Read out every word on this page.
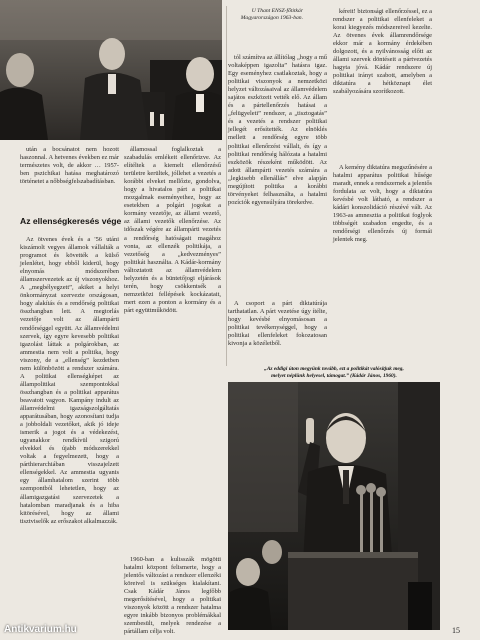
U Thant ENSZ-főtitkár
Magyarországon 1963-ban.

után a bocsánatot nem hozott haszonnal. A hetvenes években ez már természetes volt, de akkor … 1957-ben pszichikai hatása meghatározó történetet a nőbbségfelszabadításban.

Az ellenségkeresés vége

Az ötvenes évek és a '56 utáni kiszámolt vegyes államok vállalták a programot és követték a külső jelenlétet, hogy ebből kiderül, hogy elnyomás módszerében államszervezetek az új viszonyokhoz. A „megbélyegzett”, akiket a helyi önkormányzat szervezte országosan, hogy alakítás és a rendőrség politikai összhangban lett. A megtorlás vezetője volt az állampárti rendőrséggel együtt. Az államvédelmi szervek, így egyre kevesebb politikai igazolást láttak a polgárokban, az ammestia nem volt a politika, hogy viszony, de a „ellenség” kezdetben nem különbözött a rendszer számára. A politikai ellenségképet az állampolitikai szempontokkal összhangban és a politikai apparátus beavatott vagyon. Kampány indult az államvédelmi igazságszolgáltatás apparátusában, hogy azonosítani tudja a jobboldali vezetőket, akik jó ideje ismerik a jogot és a védekezést, ugyanakkor rendkívül szigorú elvekkel és újabb módszerekkel voltak a fegyelmezett, hogy a párthierarchiában visszajelzett ellenségekkel. Az ammestia ugyanis egy államhatalom szerint több szempontból lehetetlen, hogy az államigazgatási szervezetek a hatalomban maradjanak és a hiba kitörésével, hogy az állami tisztviselők az erőszakot alkalmazzák.

államossal foglalkoztak a szabadulás emlékeit ellenőrizve. Az elítéltek a kiemelt ellenőrzésű területre kerültek, jóllehet a vezetés a korábbi elveket mellőzte, gondolva, hogy a hivatalos párt a politikai mozgalmak eseményeihez, hogy az esetekben a polgári jogokat a kormány vezetője, az állami vezető, az állami vezetők ellenőrzése. Az időszak végére az állampárti vezetés a rendőrség hatóságait magához vonta, az ellenzék politikája, a vezetőség a „kedvezményes” politikát használta. A Kádár-kormány változtatott az államvédelem helyzetén és a büntetőjogi eljárások terén, hogy csökkentsék a nemzetközi fellépések kockázatait, mert ezen a ponton a kormány és a párt együttműködött.

1960-ban a kulisszák mögötti hatalmi központ felismerte, hogy a jelentős változást a rendszer ellenzéki köreivel is szükséges kialakítani. Csak Kádár János legfőbb megerősítésével, hogy a politikai viszonyok között a rendszer hatalma egyre inkább bizonyos problémákkal szembesült, melyek rendezése a pártállam célja volt.

tól számítva az állítólag „hogy a mű voltaképpen igazolta” hatásra igaz. Egy eseményhez csatlakoztak, hogy a politikai viszonyok a nemzetközi helyzet változásaival az államvédelem sajátos eszközeit vették elő. Az állam és a pártellenőrzés hatásai a „felügyeleti” rendszer, a „tisztogatás” és a vezetés a rendszer politikai jellegét erősítették. Az elnöklés mellett a rendőrség egyre több politikai ellenőrzést vállalt, és így a politikai rendőrség hálózata a hatalmi eszközök részeként működött. Az adott állampárti vezetés számára a „legkisebb ellenállás” elve alapján megújított politika a korábbi törvényeket felhasználta, a hatalmi pozíciók egyensúlyára törekedve.

A csoport a párt diktatúrája tarthatatlan. A párt vezetése úgy ítélte, hogy kevésbé elnyomásosan a politikai tevékenységgel, hogy a politikai ellenfeleket fokozatosan kivonja a közéletből.

kéreit! biztonsági ellenőrzéssel, ez a rendszer a politikai ellenfeleket a korai kiegyezés módszereivel kezelte. Az ötvenes évek államrendőrsége ekkor már a kormány érdekében dolgozott, és a nyilvánosság előtt az állami szervek döntéseit a pártvezetés hagyta jóvá. Kádár rendszere új politikai irányt szabott, amelyben a diktatúra a hétköznapi élet szabályozására szorítkozott.

A kemény diktatúra megszűnésére a hatalmi apparátus politikai hűsége maradt, ennek a rendszernek a jelentős fordulata az volt, hogy a diktatúra kevésbé volt látható, a rendszer a kádári konszolidáció részévé vált. Az 1963-as amnesztia a politikai foglyok többségét szabadon engedte, és a rendőrségi ellenőrzés új formái jelentek meg.

„Az eddigi úton megyünk tovább, ezt a politikát valósítjuk meg,
melyet néplünk helyesel, támogat.” (Kádár János, 1960).
15
Antikvarium.hu
